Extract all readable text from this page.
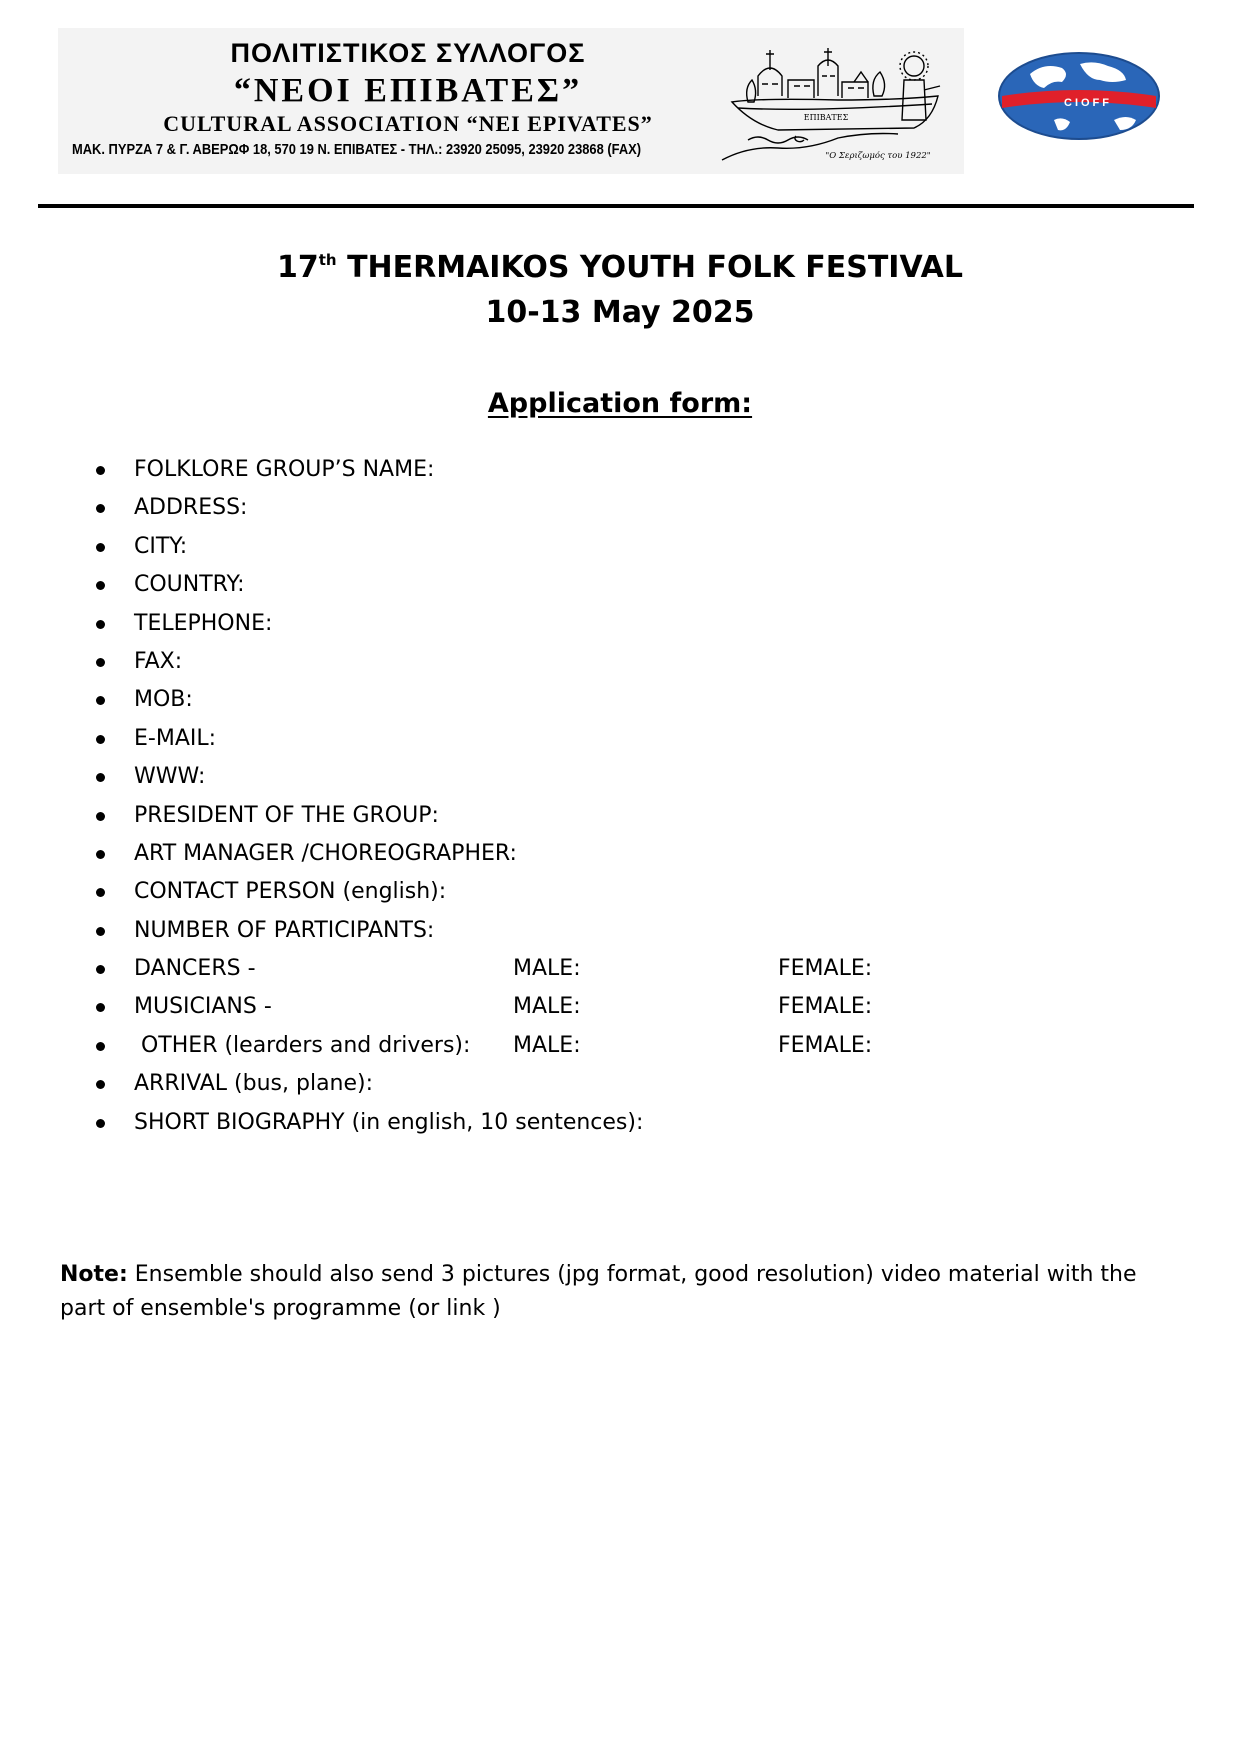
ΠΟΛΙΤΙΣΤΙΚΟΣ ΣΥΛΛΟΓΟΣ
“ΝΕΟΙ ΕΠΙΒΑΤΕΣ”
CULTURAL ASSOCIATION “NEI EPIVATES”
ΜΑΚ. ΠΥΡΖΑ 7 & Γ. ΑΒΕΡΩΦ 18, 570 19 Ν. ΕΠΙΒΑΤΕΣ - ΤΗΛ.: 23920 25095, 23920 23868 (FAX)
ΕΠΙΒΑΤΕΣ
"Ο Σεριζωμός του 1922"
CIOFF
17th THERMAIKOS YOUTH FOLK FESTIVAL
10-13 May 2025
Application form:
FOLKLORE GROUP’S NAME:
ADDRESS:
CITY:
COUNTRY:
TELEPHONE:
FAX:
MOB:
E-MAIL:
WWW:
PRESIDENT OF THE GROUP:
ART MANAGER /CHOREOGRAPHER:
CONTACT PERSON (english):
NUMBER OF PARTICIPANTS:
DANCERS -	MALE:	FEMALE:
MUSICIANS -	MALE:	FEMALE:
OTHER (learders and drivers): MALE:	FEMALE:
ARRIVAL (bus, plane):
SHORT BIOGRAPHY (in english, 10 sentences):
Note: Ensemble should also send 3 pictures (jpg format, good resolution) video material with the part of ensemble's programme (or link )
